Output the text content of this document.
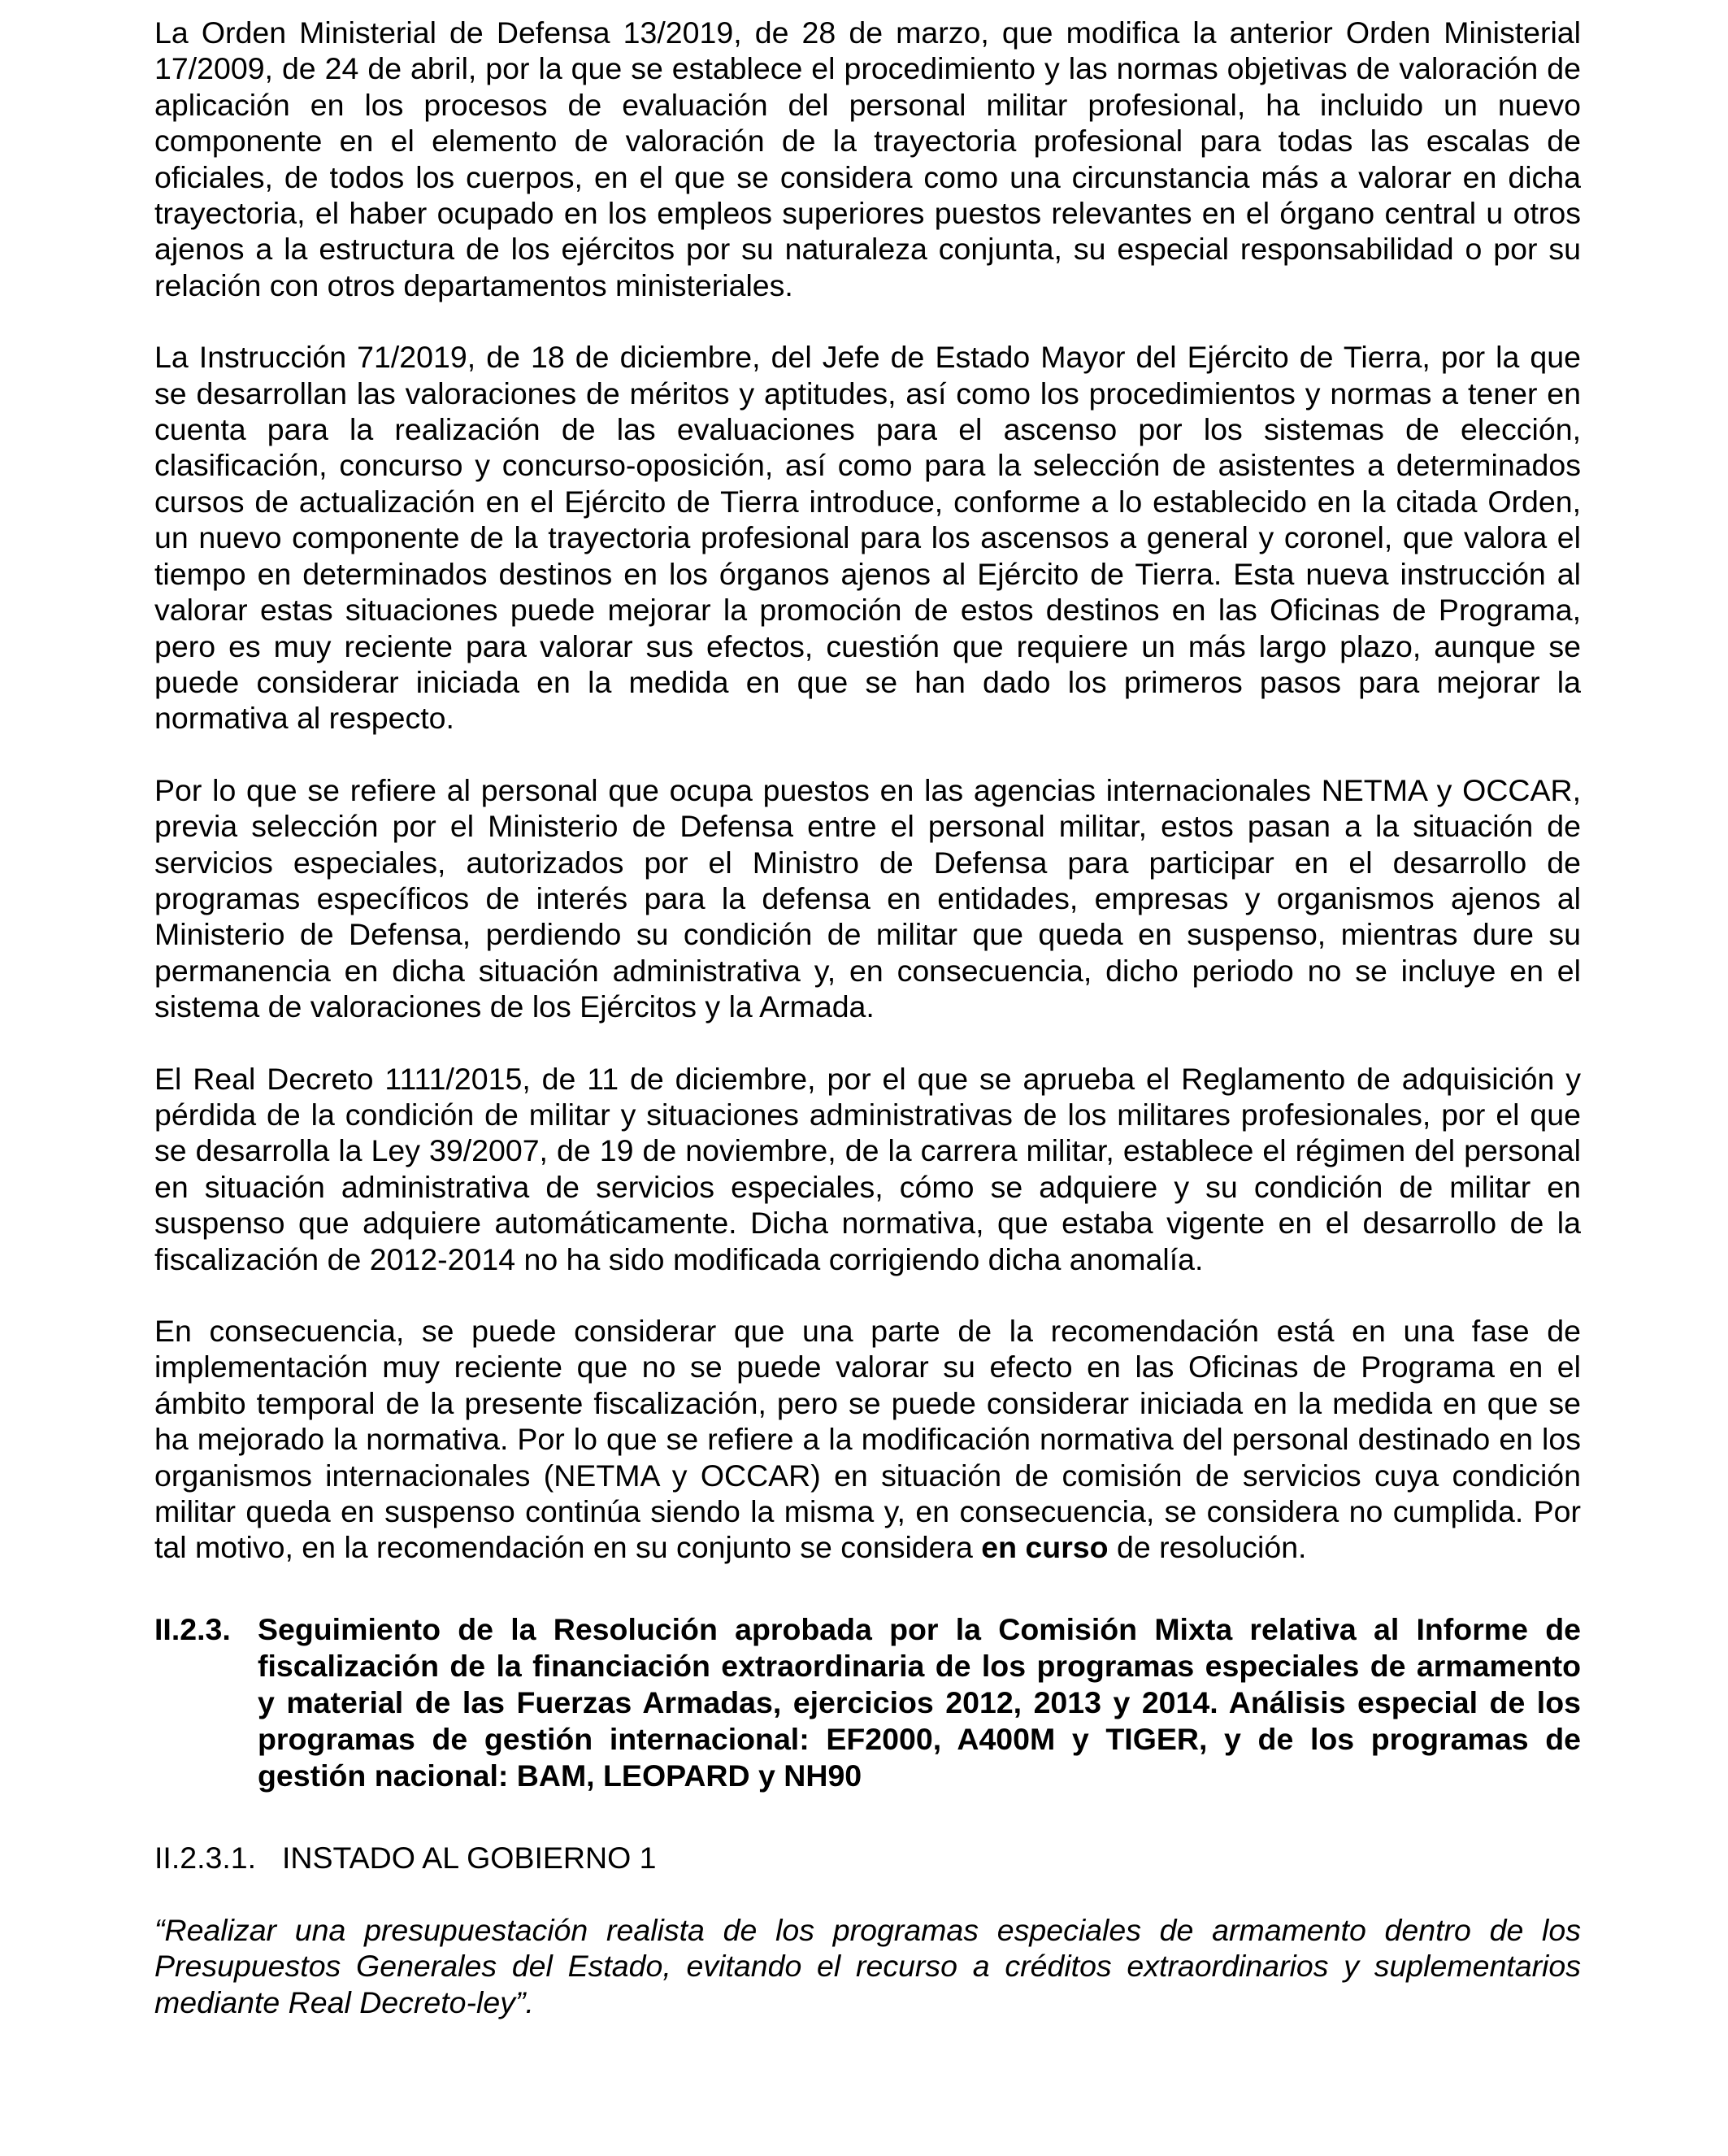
La Orden Ministerial de Defensa 13/2019, de 28 de marzo, que modifica la anterior Orden Ministerial 17/2009, de 24 de abril, por la que se establece el procedimiento y las normas objetivas de valoración de aplicación en los procesos de evaluación del personal militar profesional, ha incluido un nuevo componente en el elemento de valoración de la trayectoria profesional para todas las escalas de oficiales, de todos los cuerpos, en el que se considera como una circunstancia más a valorar en dicha trayectoria, el haber ocupado en los empleos superiores puestos relevantes en el órgano central u otros ajenos a la estructura de los ejércitos por su naturaleza conjunta, su especial responsabilidad o por su relación con otros departamentos ministeriales.

La Instrucción 71/2019, de 18 de diciembre, del Jefe de Estado Mayor del Ejército de Tierra, por la que se desarrollan las valoraciones de méritos y aptitudes, así como los procedimientos y normas a tener en cuenta para la realización de las evaluaciones para el ascenso por los sistemas de elección, clasificación, concurso y concurso-oposición, así como para la selección de asistentes a determinados cursos de actualización en el Ejército de Tierra introduce, conforme a lo establecido en la citada Orden, un nuevo componente de la trayectoria profesional para los ascensos a general y coronel, que valora el tiempo en determinados destinos en los órganos ajenos al Ejército de Tierra. Esta nueva instrucción al valorar estas situaciones puede mejorar la promoción de estos destinos en las Oficinas de Programa, pero es muy reciente para valorar sus efectos, cuestión que requiere un más largo plazo, aunque se puede considerar iniciada en la medida en que se han dado los primeros pasos para mejorar la normativa al respecto.

Por lo que se refiere al personal que ocupa puestos en las agencias internacionales NETMA y OCCAR, previa selección por el Ministerio de Defensa entre el personal militar, estos pasan a la situación de servicios especiales, autorizados por el Ministro de Defensa para participar en el desarrollo de programas específicos de interés para la defensa en entidades, empresas y organismos ajenos al Ministerio de Defensa, perdiendo su condición de militar que queda en suspenso, mientras dure su permanencia en dicha situación administrativa y, en consecuencia, dicho periodo no se incluye en el sistema de valoraciones de los Ejércitos y la Armada.

El Real Decreto 1111/2015, de 11 de diciembre, por el que se aprueba el Reglamento de adquisición y pérdida de la condición de militar y situaciones administrativas de los militares profesionales, por el que se desarrolla la Ley 39/2007, de 19 de noviembre, de la carrera militar, establece el régimen del personal en situación administrativa de servicios especiales, cómo se adquiere y su condición de militar en suspenso que adquiere automáticamente. Dicha normativa, que estaba vigente en el desarrollo de la fiscalización de 2012-2014 no ha sido modificada corrigiendo dicha anomalía.

En consecuencia, se puede considerar que una parte de la recomendación está en una fase de implementación muy reciente que no se puede valorar su efecto en las Oficinas de Programa en el ámbito temporal de la presente fiscalización, pero se puede considerar iniciada en la medida en que se ha mejorado la normativa. Por lo que se refiere a la modificación normativa del personal destinado en los organismos internacionales (NETMA y OCCAR) en situación de comisión de servicios cuya condición militar queda en suspenso continúa siendo la misma y, en consecuencia, se considera no cumplida. Por tal motivo, en la recomendación en su conjunto se considera en curso de resolución.

II.2.3. Seguimiento de la Resolución aprobada por la Comisión Mixta relativa al Informe de fiscalización de la financiación extraordinaria de los programas especiales de armamento y material de las Fuerzas Armadas, ejercicios 2012, 2013 y 2014. Análisis especial de los programas de gestión internacional: EF2000, A400M y TIGER, y de los programas de gestión nacional: BAM, LEOPARD y NH90
II.2.3.1. INSTADO AL GOBIERNO 1

“Realizar una presupuestación realista de los programas especiales de armamento dentro de los Presupuestos Generales del Estado, evitando el recurso a créditos extraordinarios y suplementarios mediante Real Decreto-ley”.
